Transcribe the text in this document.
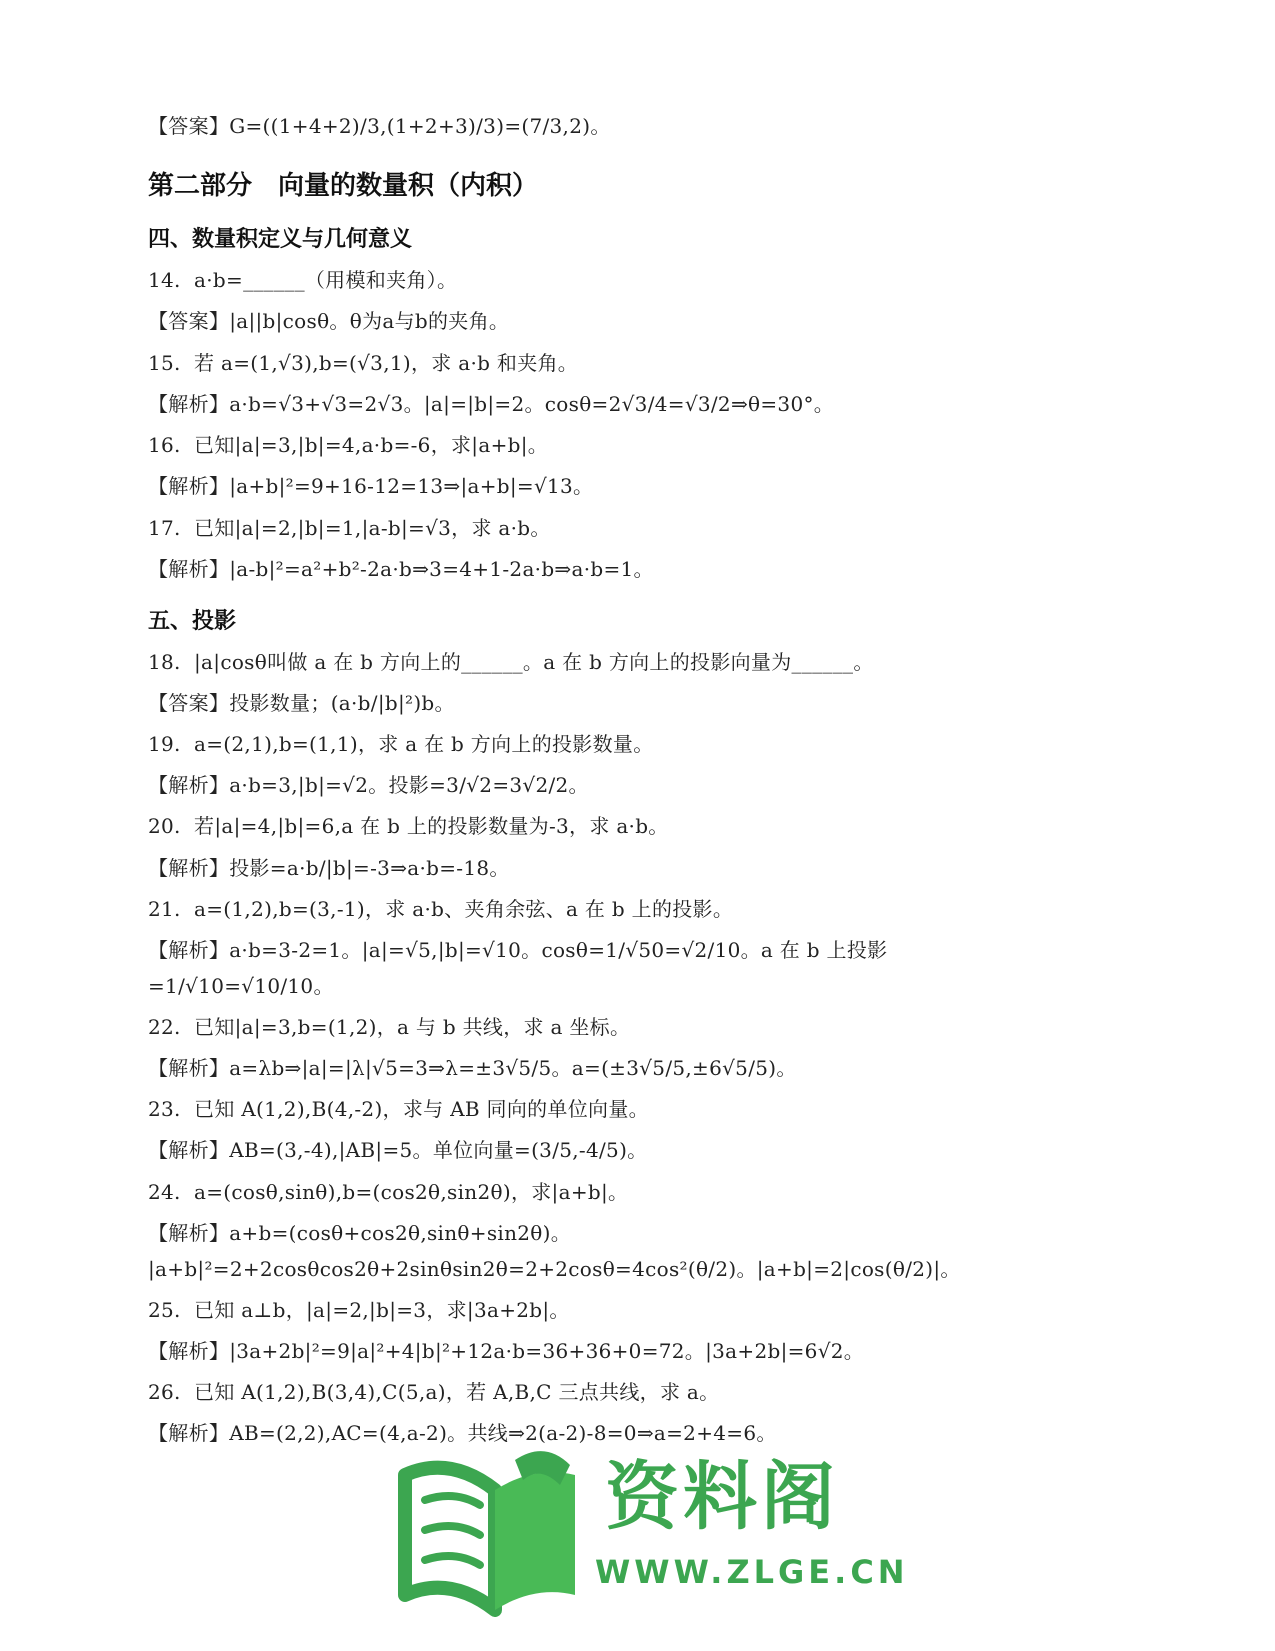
【答案】G=((1+4+2)/3,(1+2+3)/3)=(7/3,2)。
第二部分　向量的数量积（内积）
四、数量积定义与几何意义
14.  a·b=______（用模和夹角）。
【答案】|a||b|cosθ。θ为a与b的夹角。
15.  若 a=(1,√3),b=(√3,1)，求 a·b 和夹角。
【解析】a·b=√3+√3=2√3。|a|=|b|=2。cosθ=2√3/4=√3/2⇒θ=30°。
16.  已知|a|=3,|b|=4,a·b=-6，求|a+b|。
【解析】|a+b|²=9+16-12=13⇒|a+b|=√13。
17.  已知|a|=2,|b|=1,|a-b|=√3，求 a·b。
【解析】|a-b|²=a²+b²-2a·b⇒3=4+1-2a·b⇒a·b=1。
五、投影
18.  |a|cosθ叫做 a 在 b 方向上的______。a 在 b 方向上的投影向量为______。
【答案】投影数量；(a·b/|b|²)b。
19.  a=(2,1),b=(1,1)，求 a 在 b 方向上的投影数量。
【解析】a·b=3,|b|=√2。投影=3/√2=3√2/2。
20.  若|a|=4,|b|=6,a 在 b 上的投影数量为-3，求 a·b。
【解析】投影=a·b/|b|=-3⇒a·b=-18。
21.  a=(1,2),b=(3,-1)，求 a·b、夹角余弦、a 在 b 上的投影。
【解析】a·b=3-2=1。|a|=√5,|b|=√10。cosθ=1/√50=√2/10。a 在 b 上投影
=1/√10=√10/10。
22.  已知|a|=3,b=(1,2)，a 与 b 共线，求 a 坐标。
【解析】a=λb⇒|a|=|λ|√5=3⇒λ=±3√5/5。a=(±3√5/5,±6√5/5)。
23.  已知 A(1,2),B(4,-2)，求与 AB 同向的单位向量。
【解析】AB=(3,-4),|AB|=5。单位向量=(3/5,-4/5)。
24.  a=(cosθ,sinθ),b=(cos2θ,sin2θ)，求|a+b|。
【解析】a+b=(cosθ+cos2θ,sinθ+sin2θ)。
|a+b|²=2+2cosθcos2θ+2sinθsin2θ=2+2cosθ=4cos²(θ/2)。|a+b|=2|cos(θ/2)|。
25.  已知 a⊥b，|a|=2,|b|=3，求|3a+2b|。
【解析】|3a+2b|²=9|a|²+4|b|²+12a·b=36+36+0=72。|3a+2b|=6√2。
26.  已知 A(1,2),B(3,4),C(5,a)，若 A,B,C 三点共线，求 a。
【解析】AB=(2,2),AC=(4,a-2)。共线⇒2(a-2)-8=0⇒a=2+4=6。
资料阁
WWW.ZLGE.CN
